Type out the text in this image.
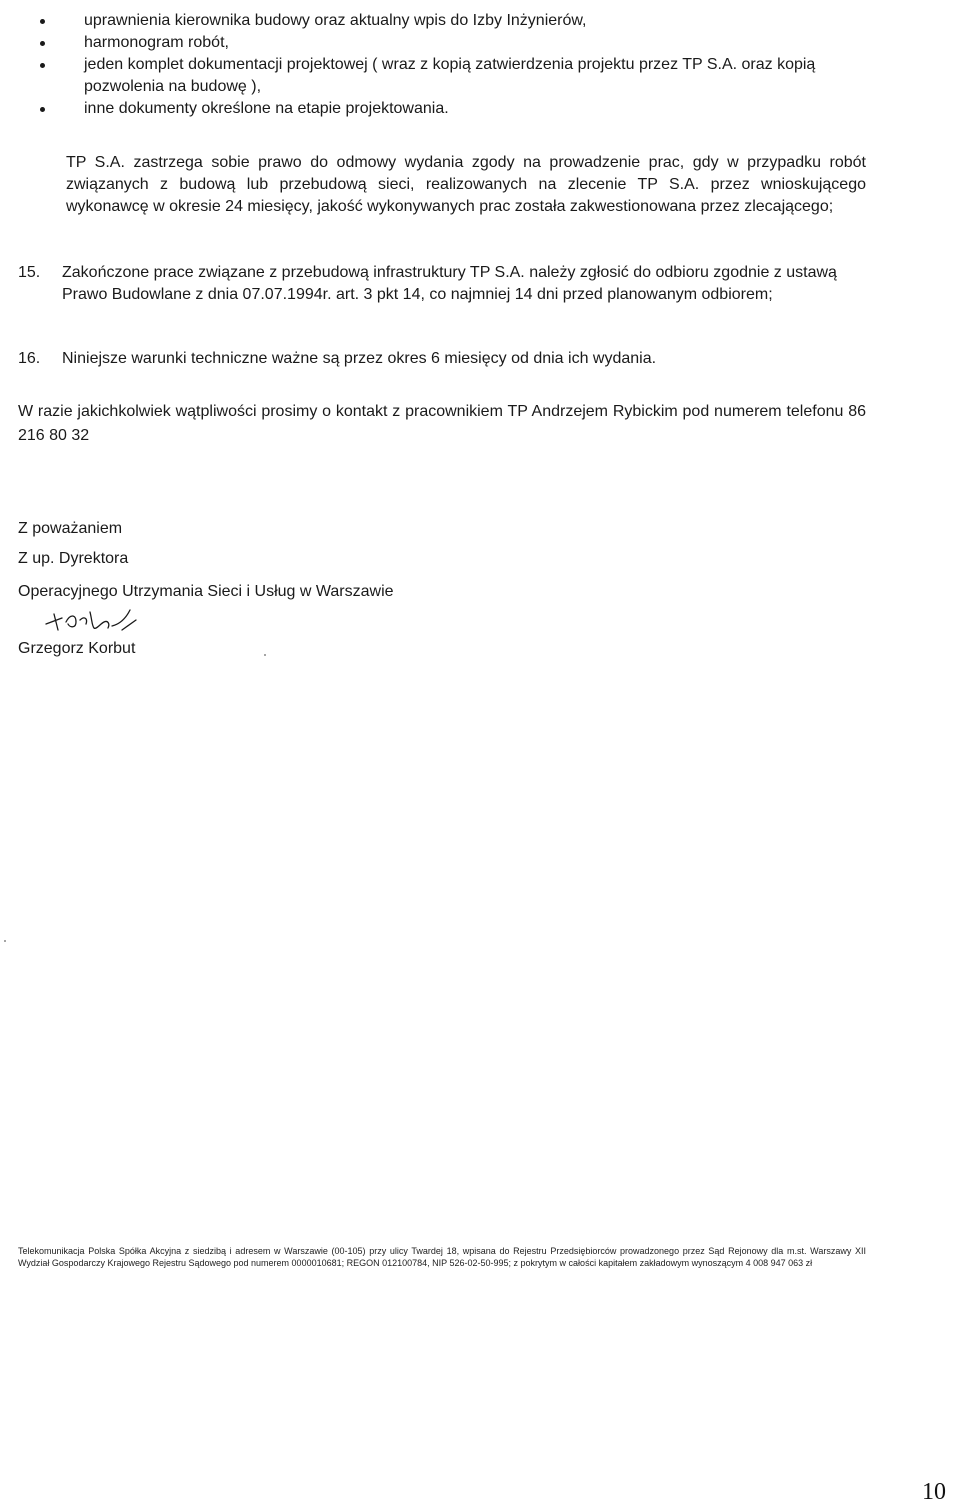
uprawnienia kierownika budowy oraz aktualny wpis do Izby Inżynierów,
harmonogram robót,
jeden komplet dokumentacji projektowej ( wraz z kopią zatwierdzenia projektu przez TP S.A. oraz kopią pozwolenia na budowę ),
inne dokumenty określone na etapie projektowania.

TP S.A. zastrzega sobie prawo do odmowy wydania zgody na prowadzenie prac, gdy w przypadku robót związanych z budową lub przebudową sieci, realizowanych na zlecenie TP S.A. przez wnioskującego wykonawcę w okresie 24 miesięcy, jakość wykonywanych prac została zakwestionowana przez zlecającego;

15. Zakończone prace związane z przebudową infrastruktury TP S.A. należy zgłosić do odbioru zgodnie z ustawą Prawo Budowlane z dnia 07.07.1994r. art. 3 pkt 14, co najmniej 14 dni przed planowanym odbiorem;
16. Niniejsze warunki techniczne ważne są przez okres 6 miesięcy od dnia ich wydania.

W razie jakichkolwiek wątpliwości prosimy o kontakt z pracownikiem TP Andrzejem Rybickim pod numerem telefonu 86 216 80 32

Z poważaniem

Z up. Dyrektora

Operacyjnego Utrzymania Sieci i Usług w Warszawie

Grzegorz Korbut

Telekomunikacja Polska Spółka Akcyjna z siedzibą i adresem w Warszawie (00-105) przy ulicy Twardej 18, wpisana do Rejestru Przedsiębiorców prowadzonego przez Sąd Rejonowy dla m.st. Warszawy XII Wydział Gospodarczy Krajowego Rejestru Sądowego pod numerem 0000010681; REGON 012100784, NIP 526-02-50-995; z pokrytym w całości kapitałem zakładowym wynoszącym 4 008 947 063 zł

10
